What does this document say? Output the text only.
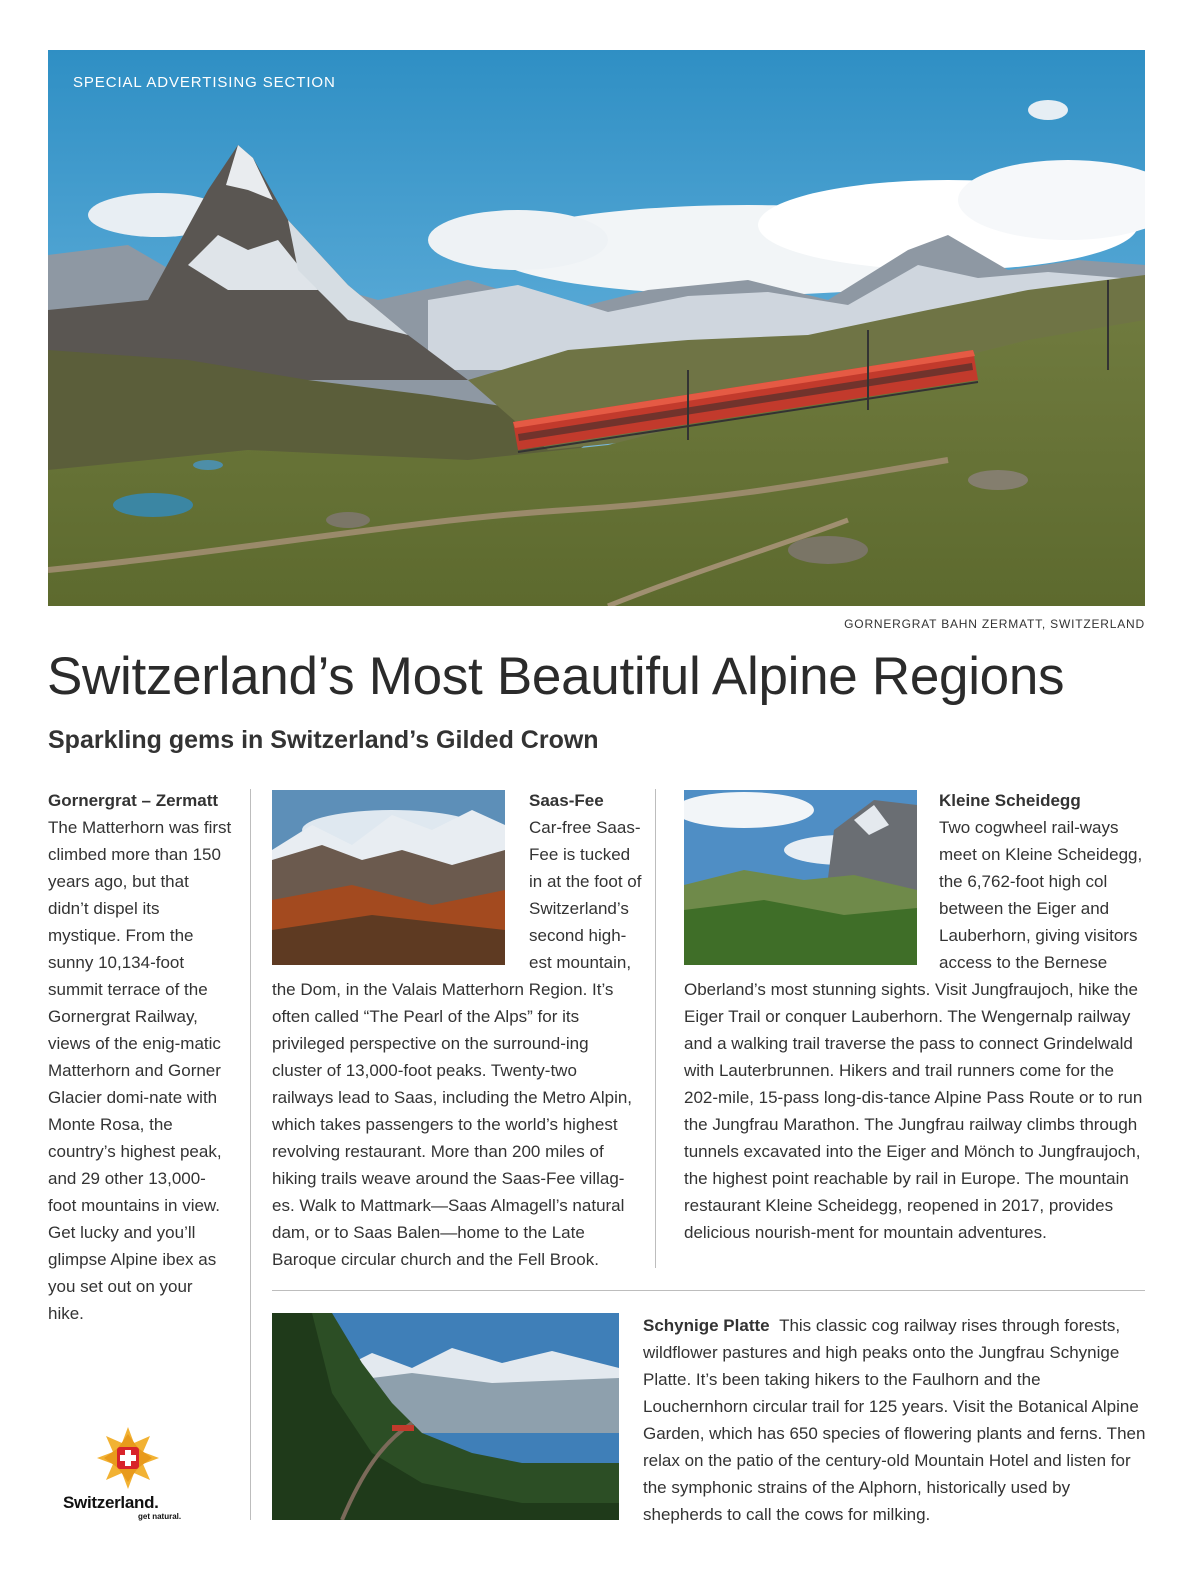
SPECIAL ADVERTISING SECTION
GORNERGRAT BAHN ZERMATT, SWITZERLAND
Switzerland’s Most Beautiful Alpine Regions
Sparkling gems in Switzerland’s Gilded Crown
Gornergrat – Zermatt

The Matterhorn was first climbed more than 150 years ago, but that didn’t dispel its mystique. From the sunny 10,134-foot summit terrace of the Gornergrat Railway, views of the enig-matic Matterhorn and Gorner Glacier domi-nate with Monte Rosa, the country’s highest peak, and 29 other 13,000-foot mountains in view. Get lucky and you’ll glimpse Alpine ibex as you set out on your hike.

Saas-Fee
Car-free Saas-Fee is tucked in at the foot of Switzerland’s second high-est mountain, the Dom, in the Valais Matterhorn Region. It’s often called “The Pearl of the Alps” for its privileged perspective on the surround-ing cluster of 13,000-foot peaks. Twenty-two railways lead to Saas, including the Metro Alpin, which takes passengers to the world’s highest revolving restaurant. More than 200 miles of hiking trails weave around the Saas-Fee villag-es. Walk to Mattmark—Saas Almagell’s natural dam, or to Saas Balen—home to the Late Baroque circular church and the Fell Brook.
Kleine Scheidegg
Two cogwheel rail-ways meet on Kleine Scheidegg, the 6,762-foot high col between the Eiger and Lauberhorn, giving visitors access to the Bernese Oberland’s most stunning sights. Visit Jungfraujoch, hike the Eiger Trail or conquer Lauberhorn. The Wengernalp railway and a walking trail traverse the pass to connect Grindelwald with Lauterbrunnen. Hikers and trail runners come for the 202-mile, 15-pass long-dis-tance Alpine Pass Route or to run the Jungfrau Marathon. The Jungfrau railway climbs through tunnels excavated into the Eiger and Mönch to Jungfraujoch, the highest point reachable by rail in Europe. The mountain restaurant Kleine Scheidegg, reopened in 2017, provides delicious nourish-ment for mountain adventures.
Schynige Platte This classic cog railway rises through forests, wildflower pastures and high peaks onto the Jungfrau Schynige Platte. It’s been taking hikers to the Faulhorn and the Louchernhorn circular trail for 125 years. Visit the Botanical Alpine Garden, which has 650 species of flowering plants and ferns. Then relax on the patio of the century-old Mountain Hotel and listen for the symphonic strains of the Alphorn, historically used by shepherds to call the cows for milking.
Switzerland.
get natural.
